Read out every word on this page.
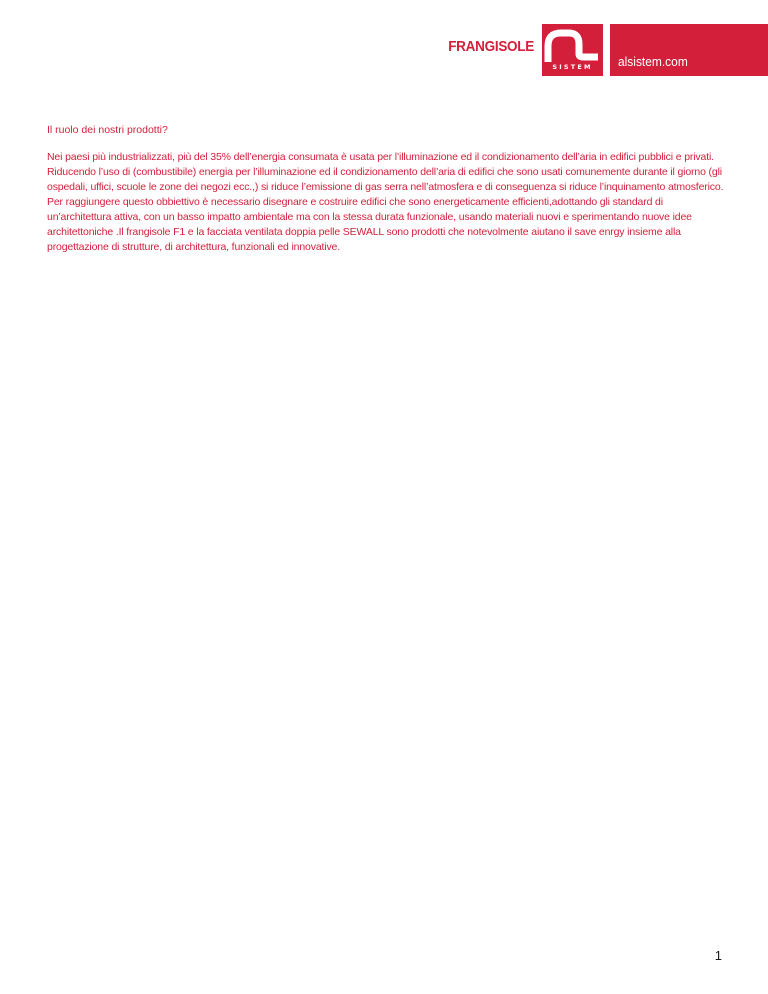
FRANGISOLE
SISTEM	alsistem.com

Il ruolo dei nostri prodotti?

Nei paesi più industrializzati, più del 35% dell’energia consumata è usata per l’illuminazione ed il condizionamento dell’aria in edifici pubblici e privati. Riducendo l’uso di (combustibile) energia per l’illuminazione ed il condizionamento dell’aria di edifici che sono usati comunemente durante il giorno (gli ospedali, uffici, scuole le zone dei negozi ecc.,) si riduce l’emissione di gas serra nell’atmosfera e di conseguenza si riduce l’inquinamento atmosferico. Per raggiungere questo obbiettivo è necessario disegnare e costruire edifici che sono energeticamente efficienti,adottando gli standard di un’architettura attiva, con un basso impatto ambientale ma con la stessa durata funzionale, usando materiali nuovi e sperimentando nuove idee architettoniche .Il frangisole F1 e la facciata ventilata doppia pelle SEWALL sono prodotti che notevolmente aiutano il save enrgy insieme alla progettazione di strutture, di architettura, funzionali ed innovative.

1
